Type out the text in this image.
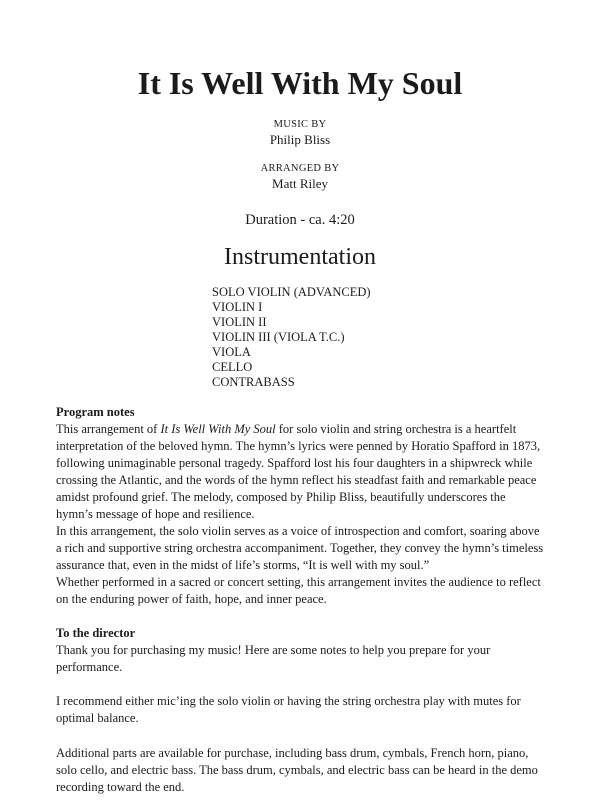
It Is Well With My Soul
MUSIC BY
Philip Bliss
ARRANGED BY
Matt Riley
Duration - ca. 4:20
Instrumentation
SOLO VIOLIN (ADVANCED)
VIOLIN I
VIOLIN II
VIOLIN III (VIOLA T.C.)
VIOLA
CELLO
CONTRABASS

Program notes

This arrangement of It Is Well With My Soul for solo violin and string orchestra is a heartfelt interpretation of the beloved hymn. The hymn’s lyrics were penned by Horatio Spafford in 1873, following unimaginable personal tragedy. Spafford lost his four daughters in a shipwreck while crossing the Atlantic, and the words of the hymn reflect his steadfast faith and remarkable peace amidst profound grief. The melody, composed by Philip Bliss, beautifully underscores the hymn’s message of hope and resilience.

In this arrangement, the solo violin serves as a voice of introspection and comfort, soaring above a rich and supportive string orchestra accompaniment. Together, they convey the hymn’s timeless assurance that, even in the midst of life’s storms, “It is well with my soul.”

Whether performed in a sacred or concert setting, this arrangement invites the audience to reflect on the enduring power of faith, hope, and inner peace.

To the director

Thank you for purchasing my music! Here are some notes to help you prepare for your performance.

I recommend either mic’ing the solo violin or having the string orchestra play with mutes for optimal balance.

Additional parts are available for purchase, including bass drum, cymbals, French horn, piano, solo cello, and electric bass. The bass drum, cymbals, and electric bass can be heard in the demo recording toward the end.
